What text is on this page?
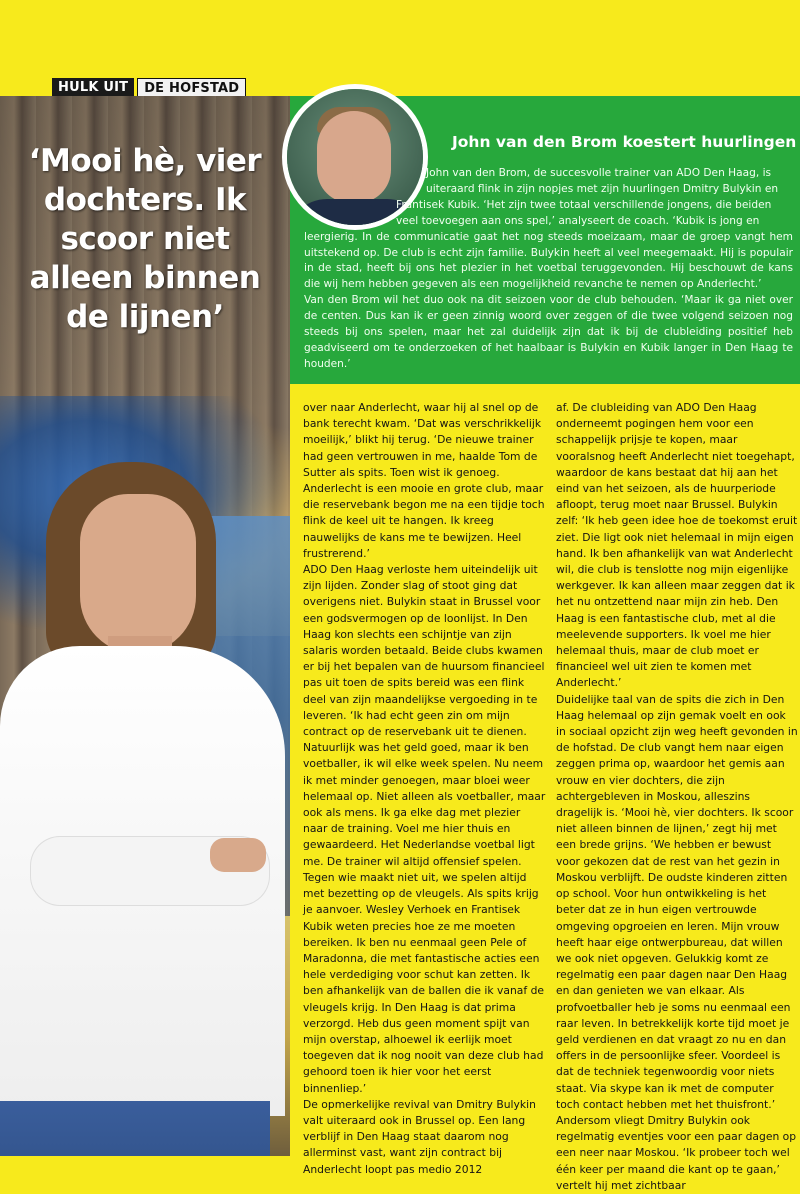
HULK UIT	DE HOFSTAD

‘Mooi hè, vier dochters. Ik scoor niet alleen binnen de lijnen’

John van den Brom koestert huurlingen

John van den Brom, de succesvolle trainer van ADO Den Haag, is
uiteraard flink in zijn nopjes met zijn huurlingen Dmitry Bulykin en
Frantisek Kubik. ‘Het zijn twee totaal verschillende jongens, die beiden
veel toevoegen aan ons spel,’ analyseert de coach. ‘Kubik is jong en
leergierig. In de communicatie gaat het nog steeds moeizaam, maar de groep vangt hem uitstekend op. De club is echt zijn familie. Bulykin heeft al veel meegemaakt. Hij is populair in de stad, heeft bij ons het plezier in het voetbal teruggevonden. Hij beschouwt de kans die wij hem hebben gegeven als een mogelijkheid revanche te nemen op Anderlecht.’
Van den Brom wil het duo ook na dit seizoen voor de club behouden. ‘Maar ik ga niet over de centen. Dus kan ik er geen zinnig woord over zeggen of die twee volgend seizoen nog steeds bij ons spelen, maar het zal duidelijk zijn dat ik bij de clubleiding positief heb geadviseerd om te onderzoeken of het haalbaar is Bulykin en Kubik langer in Den Haag te houden.’

over naar Anderlecht, waar hij al snel op de bank terecht kwam. ‘Dat was verschrikkelijk moeilijk,’ blikt hij terug. ‘De nieuwe trainer had geen vertrouwen in me, haalde Tom de Sutter als spits. Toen wist ik genoeg. Anderlecht is een mooie en grote club, maar die reservebank begon me na een tijdje toch flink de keel uit te hangen. Ik kreeg nauwelijks de kans me te bewijzen. Heel frustrerend.’

ADO Den Haag verloste hem uiteindelijk uit zijn lijden. Zonder slag of stoot ging dat overigens niet. Bulykin staat in Brussel voor een godsvermogen op de loonlijst. In Den Haag kon slechts een schijntje van zijn salaris worden betaald. Beide clubs kwamen er bij het bepalen van de huursom financieel pas uit toen de spits bereid was een flink deel van zijn maandelijkse vergoeding in te leveren. ‘Ik had echt geen zin om mijn contract op de reservebank uit te dienen. Natuurlijk was het geld goed, maar ik ben voetballer, ik wil elke week spelen. Nu neem ik met minder genoegen, maar bloei weer helemaal op. Niet alleen als voetballer, maar ook als mens. Ik ga elke dag met plezier naar de training. Voel me hier thuis en gewaardeerd. Het Nederlandse voetbal ligt me. De trainer wil altijd offensief spelen. Tegen wie maakt niet uit, we spelen altijd met bezetting op de vleugels. Als spits krijg je aanvoer. Wesley Verhoek en Frantisek Kubik weten precies hoe ze me moeten bereiken. Ik ben nu eenmaal geen Pele of Maradonna, die met fantastische acties een hele verdediging voor schut kan zetten. Ik ben afhankelijk van de ballen die ik vanaf de vleugels krijg. In Den Haag is dat prima verzorgd. Heb dus geen moment spijt van mijn overstap, alhoewel ik eerlijk moet toegeven dat ik nog nooit van deze club had gehoord toen ik hier voor het eerst binnenliep.’

De opmerkelijke revival van Dmitry Bulykin valt uiteraard ook in Brussel op. Een lang verblijf in Den Haag staat daarom nog allerminst vast, want zijn contract bij Anderlecht loopt pas medio 2012

af. De clubleiding van ADO Den Haag onderneemt pogingen hem voor een schappelijk prijsje te kopen, maar vooralsnog heeft Anderlecht niet toegehapt, waardoor de kans bestaat dat hij aan het eind van het seizoen, als de huurperiode afloopt, terug moet naar Brussel. Bulykin zelf: ‘Ik heb geen idee hoe de toekomst eruit ziet. Die ligt ook niet helemaal in mijn eigen hand. Ik ben afhankelijk van wat Anderlecht wil, die club is tenslotte nog mijn eigenlijke werkgever. Ik kan alleen maar zeggen dat ik het nu ontzettend naar mijn zin heb. Den Haag is een fantastische club, met al die meelevende supporters. Ik voel me hier helemaal thuis, maar de club moet er financieel wel uit zien te komen met Anderlecht.’

Duidelijke taal van de spits die zich in Den Haag helemaal op zijn gemak voelt en ook in sociaal opzicht zijn weg heeft gevonden in de hofstad. De club vangt hem naar eigen zeggen prima op, waardoor het gemis aan vrouw en vier dochters, die zijn achtergebleven in Moskou, alleszins dragelijk is. ‘Mooi hè, vier dochters. Ik scoor niet alleen binnen de lijnen,’ zegt hij met een brede grijns. ‘We hebben er bewust voor gekozen dat de rest van het gezin in Moskou verblijft. De oudste kinderen zitten op school. Voor hun ontwikkeling is het beter dat ze in hun eigen vertrouwde omgeving opgroeien en leren. Mijn vrouw heeft haar eige ontwerpbureau, dat willen we ook niet opgeven. Gelukkig komt ze regelmatig een paar dagen naar Den Haag en dan genieten we van elkaar. Als profvoetballer heb je soms nu eenmaal een raar leven. In betrekkelijk korte tijd moet je geld verdienen en dat vraagt zo nu en dan offers in de persoonlijke sfeer. Voordeel is dat de techniek tegenwoordig voor niets staat. Via skype kan ik met de computer toch contact hebben met het thuisfront.’

Andersom vliegt Dmitry Bulykin ook regelmatig eventjes voor een paar dagen op een neer naar Moskou. ‘Ik probeer toch wel één keer per maand die kant op te gaan,’ vertelt hij met zichtbaar
